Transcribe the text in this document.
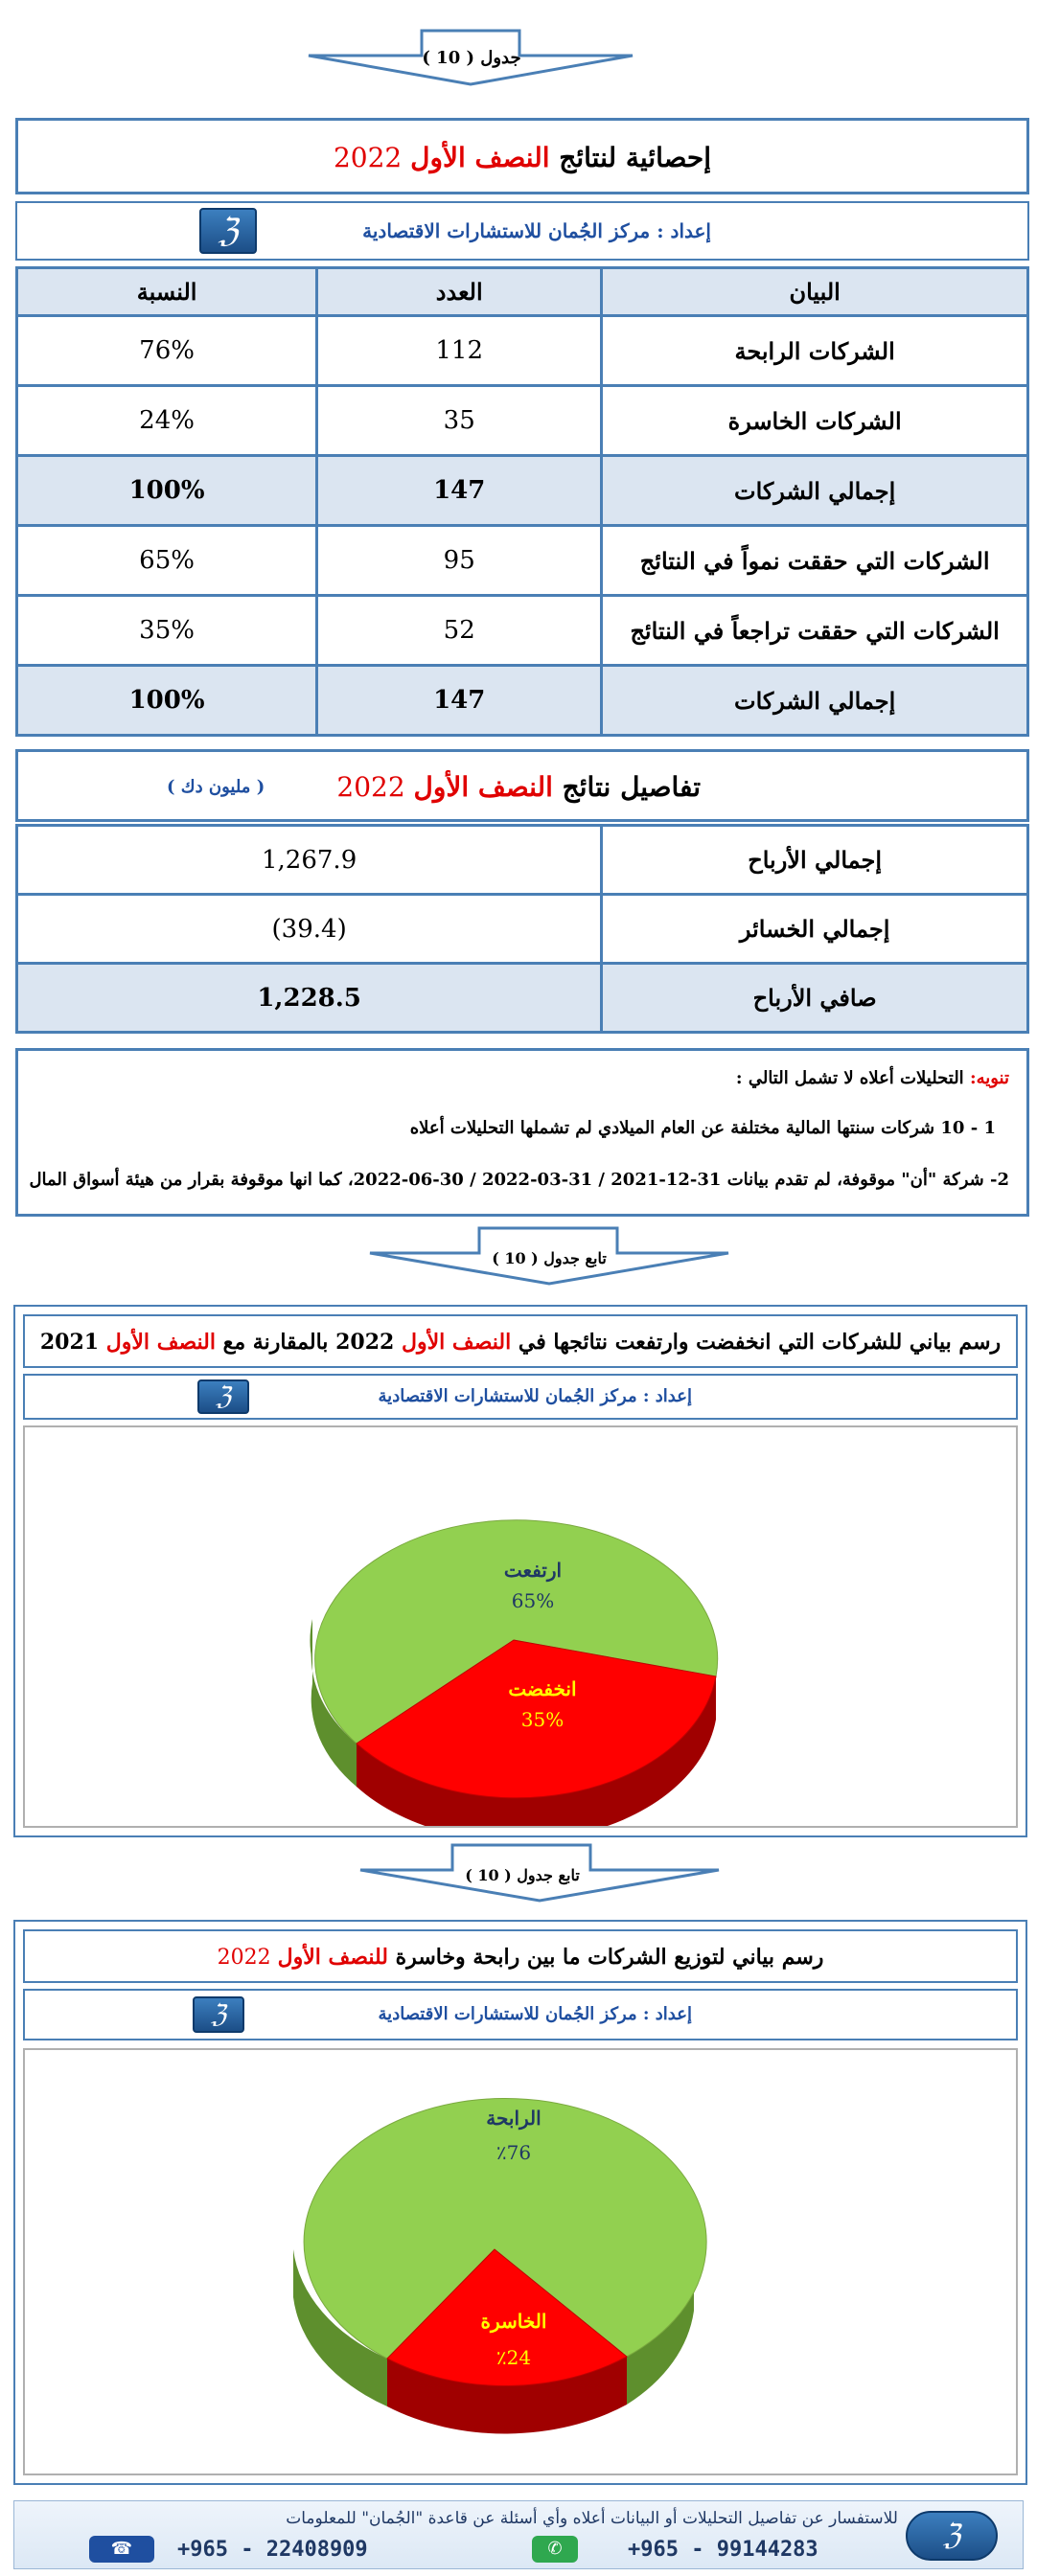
جدول ( 10 )
إحصائية لنتائج النصف الأول 2022
إعداد : مركز الجُمان للاستشارات الاقتصادية
ℨ
النسبة	العدد	البيان
76%	112	الشركات الرابحة
24%	35	الشركات الخاسرة
100%	147	إجمالي الشركات
65%	95	الشركات التي حققت نمواً في النتائج
35%	52	الشركات التي حققت تراجعاً في النتائج
100%	147	إجمالي الشركات
تفاصيل نتائج النصف الأول 2022
( مليون دك )
1,267.9	إجمالي الأرباح
(39.4)	إجمالي الخسائر
1,228.5	صافي الأرباح
تنويه: التحليلات أعلاه لا تشمل التالي :
1 - 10 شركات سنتها المالية مختلفة عن العام الميلادي لم تشملها التحليلات أعلاه
2- شركة "أن" موقوفة، لم تقدم بيانات 31-12-2021 / 31-03-2022 / 30-06-2022، كما انها موقوفة بقرار من هيئة أسواق المال
تابع جدول ( 10 )
رسم بياني للشركات التي انخفضت وارتفعت نتائجها في النصف الأول 2022 بالمقارنة مع النصف الأول 2021
إعداد : مركز الجُمان للاستشارات الاقتصادية
ℨ
ارتفعت
65%
انخفضت
35%
تابع جدول ( 10 )
رسم بياني لتوزيع الشركات ما بين رابحة وخاسرة للنصف الأول 2022
إعداد : مركز الجُمان للاستشارات الاقتصادية
ℨ
الرابحة
٪76
الخاسرة
٪24
للاستفسار عن تفاصيل التحليلات أو البيانات أعلاه وأي أسئلة عن قاعدة "الجُمان" للمعلومات
+965 - 99144283
✆
+965 - 22408909
☎	ℨ
